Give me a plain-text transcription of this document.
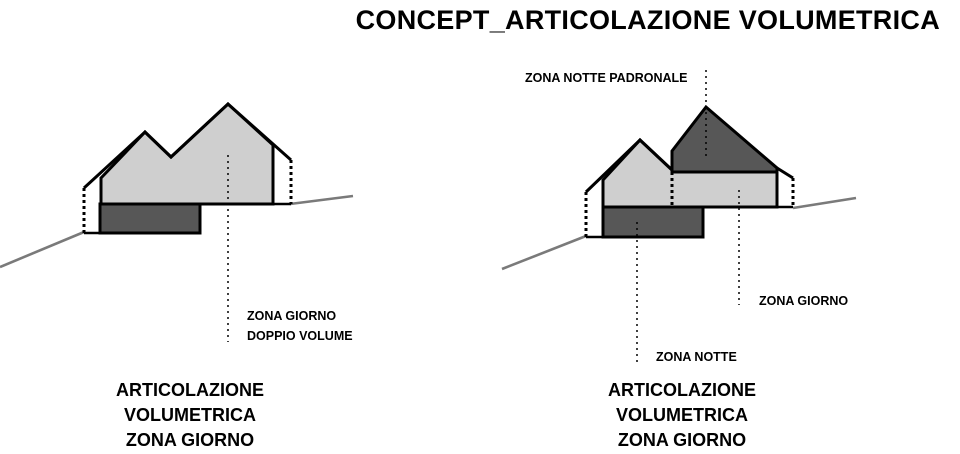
CONCEPT_ARTICOLAZIONE VOLUMETRICA
ZONA GIORNO
DOPPIO VOLUME
ARTICOLAZIONE
VOLUMETRICA
ZONA GIORNO
ZONA NOTTE PADRONALE
ZONA GIORNO
ZONA NOTTE
ARTICOLAZIONE
VOLUMETRICA
ZONA GIORNO
